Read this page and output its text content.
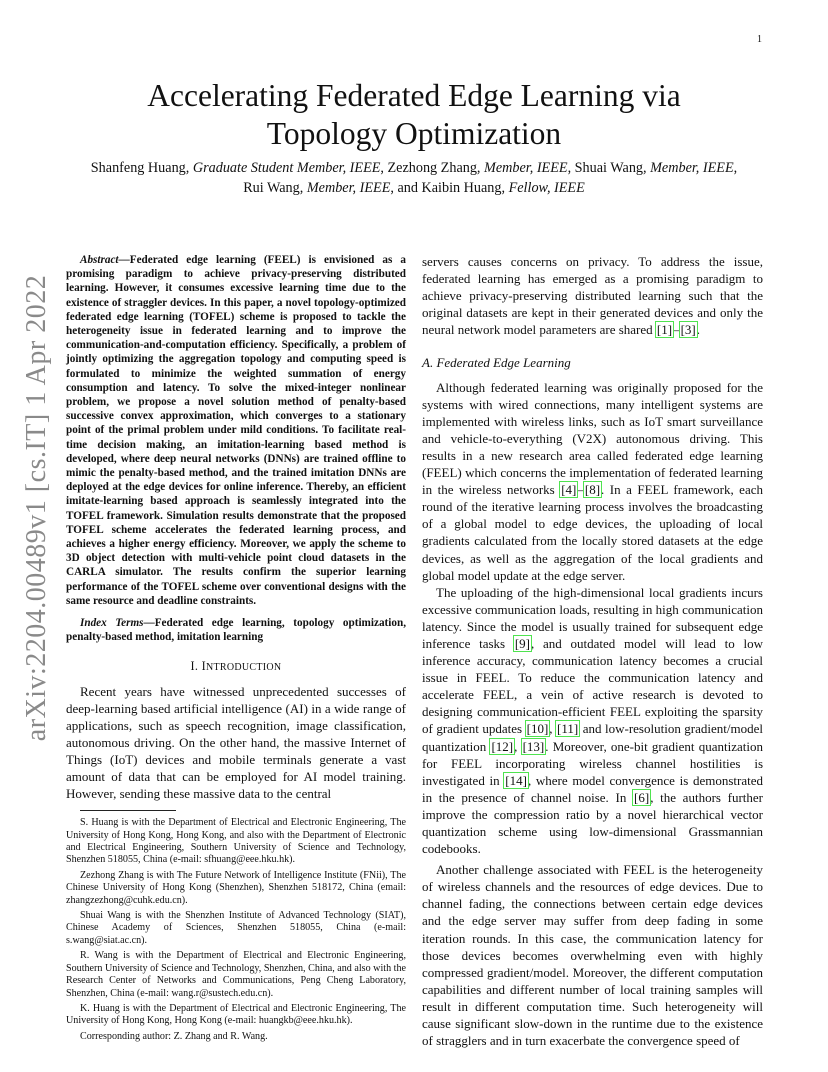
1
arXiv:2204.00489v1 [cs.IT] 1 Apr 2022
Accelerating Federated Edge Learning via
Topology Optimization
Shanfeng Huang, Graduate Student Member, IEEE, Zezhong Zhang, Member, IEEE, Shuai Wang, Member, IEEE,
Rui Wang, Member, IEEE, and Kaibin Huang, Fellow, IEEE

Abstract—Federated edge learning (FEEL) is envisioned as a promising paradigm to achieve privacy-preserving distributed learning. However, it consumes excessive learning time due to the existence of straggler devices. In this paper, a novel topology-optimized federated edge learning (TOFEL) scheme is proposed to tackle the heterogeneity issue in federated learning and to improve the communication-and-computation efficiency. Specifically, a problem of jointly optimizing the aggregation topology and computing speed is formulated to minimize the weighted summation of energy consumption and latency. To solve the mixed-integer nonlinear problem, we propose a novel solution method of penalty-based successive convex approximation, which converges to a stationary point of the primal problem under mild conditions. To facilitate real-time decision making, an imitation-learning based method is developed, where deep neural networks (DNNs) are trained offline to mimic the penalty-based method, and the trained imitation DNNs are deployed at the edge devices for online inference. Thereby, an efficient imitate-learning based approach is seamlessly integrated into the TOFEL framework. Simulation results demonstrate that the proposed TOFEL scheme accelerates the federated learning process, and achieves a higher energy efficiency. Moreover, we apply the scheme to 3D object detection with multi-vehicle point cloud datasets in the CARLA simulator. The results confirm the superior learning performance of the TOFEL scheme over conventional designs with the same resource and deadline constraints.

Index Terms—Federated edge learning, topology optimization, penalty-based method, imitation learning

I. INTRODUCTION

Recent years have witnessed unprecedented successes of deep-learning based artificial intelligence (AI) in a wide range of applications, such as speech recognition, image classification, autonomous driving. On the other hand, the massive Internet of Things (IoT) devices and mobile terminals generate a vast amount of data that can be employed for AI model training. However, sending these massive data to the central

S. Huang is with the Department of Electrical and Electronic Engineering, The University of Hong Kong, Hong Kong, and also with the Department of Electronic and Electrical Engineering, Southern University of Science and Technology, Shenzhen 518055, China (e-mail: sfhuang@eee.hku.hk).

Zezhong Zhang is with The Future Network of Intelligence Institute (FNii), The Chinese University of Hong Kong (Shenzhen), Shenzhen 518172, China (email: zhangzezhong@cuhk.edu.cn).

Shuai Wang is with the Shenzhen Institute of Advanced Technology (SIAT), Chinese Academy of Sciences, Shenzhen 518055, China (e-mail: s.wang@siat.ac.cn).

R. Wang is with the Department of Electrical and Electronic Engineering, Southern University of Science and Technology, Shenzhen, China, and also with the Research Center of Networks and Communications, Peng Cheng Laboratory, Shenzhen, China (e-mail: wang.r@sustech.edu.cn).

K. Huang is with the Department of Electrical and Electronic Engineering, The University of Hong Kong, Hong Kong (e-mail: huangkb@eee.hku.hk).

Corresponding author: Z. Zhang and R. Wang.

servers causes concerns on privacy. To address the issue, federated learning has emerged as a promising paradigm to achieve privacy-preserving distributed learning such that the original datasets are kept in their generated devices and only the neural network model parameters are shared [1]–[3].

A. Federated Edge Learning

Although federated learning was originally proposed for the systems with wired connections, many intelligent systems are implemented with wireless links, such as IoT smart surveillance and vehicle-to-everything (V2X) autonomous driving. This results in a new research area called federated edge learning (FEEL) which concerns the implementation of federated learning in the wireless networks [4]–[8]. In a FEEL framework, each round of the iterative learning process involves the broadcasting of a global model to edge devices, the uploading of local gradients calculated from the locally stored datasets at the edge devices, as well as the aggregation of the local gradients and global model update at the edge server.

The uploading of the high-dimensional local gradients incurs excessive communication loads, resulting in high communication latency. Since the model is usually trained for subsequent edge inference tasks [9], and outdated model will lead to low inference accuracy, communication latency becomes a crucial issue in FEEL. To reduce the communication latency and accelerate FEEL, a vein of active research is devoted to designing communication-efficient FEEL exploiting the sparsity of gradient updates [10], [11] and low-resolution gradient/model quantization [12], [13]. Moreover, one-bit gradient quantization for FEEL incorporating wireless channel hostilities is investigated in [14], where model convergence is demonstrated in the presence of channel noise. In [6], the authors further improve the compression ratio by a novel hierarchical vector quantization scheme using low-dimensional Grassmannian codebooks.

Another challenge associated with FEEL is the heterogeneity of wireless channels and the resources of edge devices. Due to channel fading, the connections between certain edge devices and the edge server may suffer from deep fading in some iteration rounds. In this case, the communication latency for those devices becomes overwhelming even with highly compressed gradient/model. Moreover, the different computation capabilities and different number of local training samples will result in different computation time. Such heterogeneity will cause significant slow-down in the runtime due to the existence of stragglers and in turn exacerbate the convergence speed of
